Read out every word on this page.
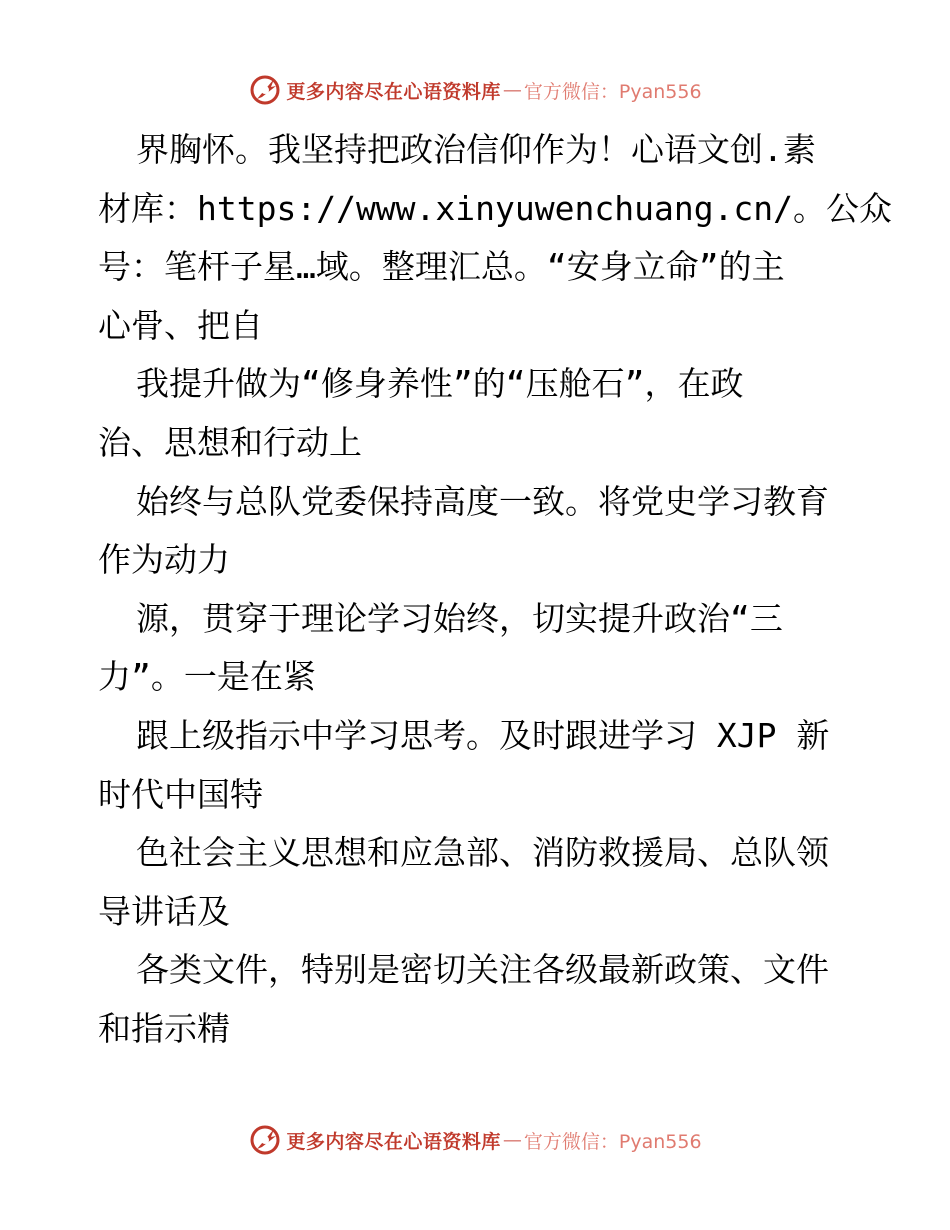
更多内容尽在心语资料库 — 官方微信：Pyan556

界胸怀。我坚持把政治信仰作为！心语文创.素

材库：https://www.xinyuwenchuang.cn/。公众

号：笔杆子星…域。整理汇总。“安身立命”的主

心骨、把自

我提升做为“修身养性”的“压舱石”，在政

治、思想和行动上

始终与总队党委保持高度一致。将党史学习教育

作为动力

源，贯穿于理论学习始终，切实提升政治“三

力”。一是在紧

跟上级指示中学习思考。及时跟进学习 XJP 新

时代中国特

色社会主义思想和应急部、消防救援局、总队领

导讲话及

各类文件，特别是密切关注各级最新政策、文件

和指示精

更多内容尽在心语资料库 — 官方微信：Pyan556
